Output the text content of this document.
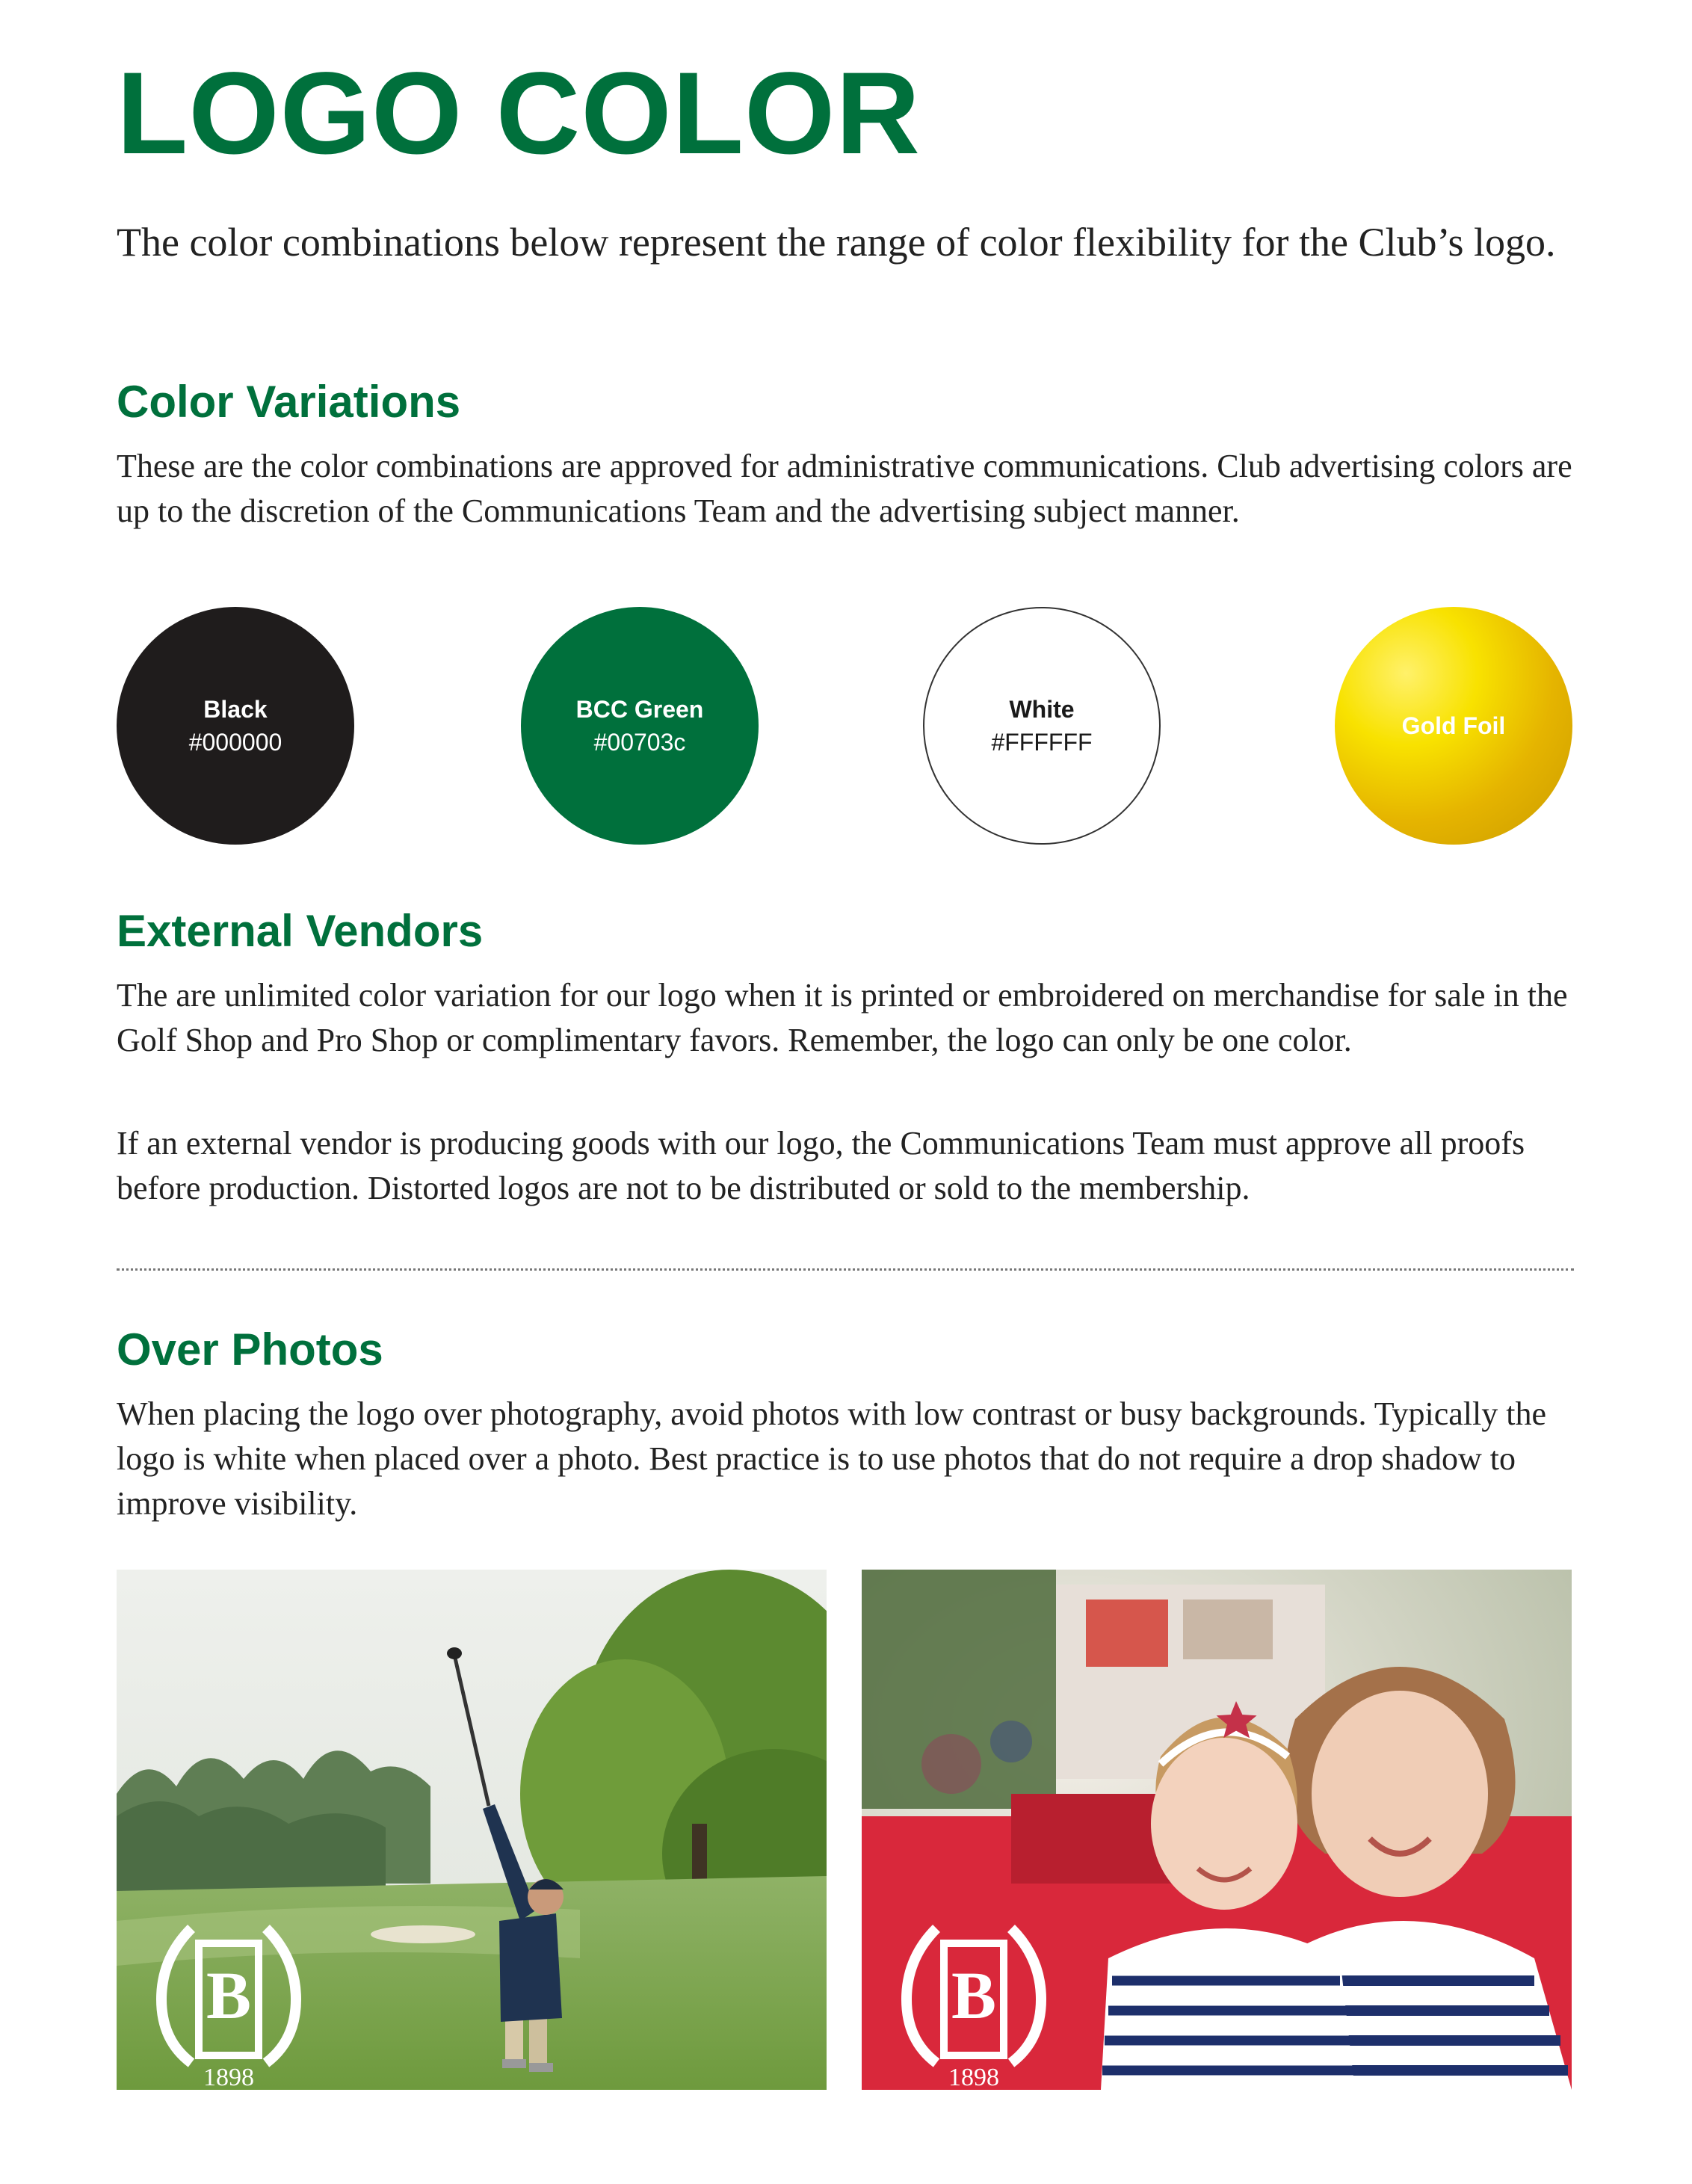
LOGO COLOR

The color combinations below represent the range of color flexibility for the Club’s logo.

Color Variations

These are the color combinations are approved for administrative communications. Club advertising colors are up to the discretion of the Communications Team and the advertising subject manner.

Black
#000000
BCC Green
#00703c
White
#FFFFFF
Gold Foil
External Vendors

The are unlimited color variation for our logo when it is printed or embroidered on merchandise for sale in the Golf Shop and Pro Shop or complimentary favors. Remember, the logo can only be one color.

If an external vendor is producing goods with our logo, the Communications Team must approve all proofs before production. Distorted logos are not to be distributed or sold to the membership.

Over Photos

When placing the logo over photography, avoid photos with low contrast or busy backgrounds. Typically the logo is white when placed over a photo. Best practice is to use photos that do not require a drop shadow to improve visibility.

B
1898
B
1898
